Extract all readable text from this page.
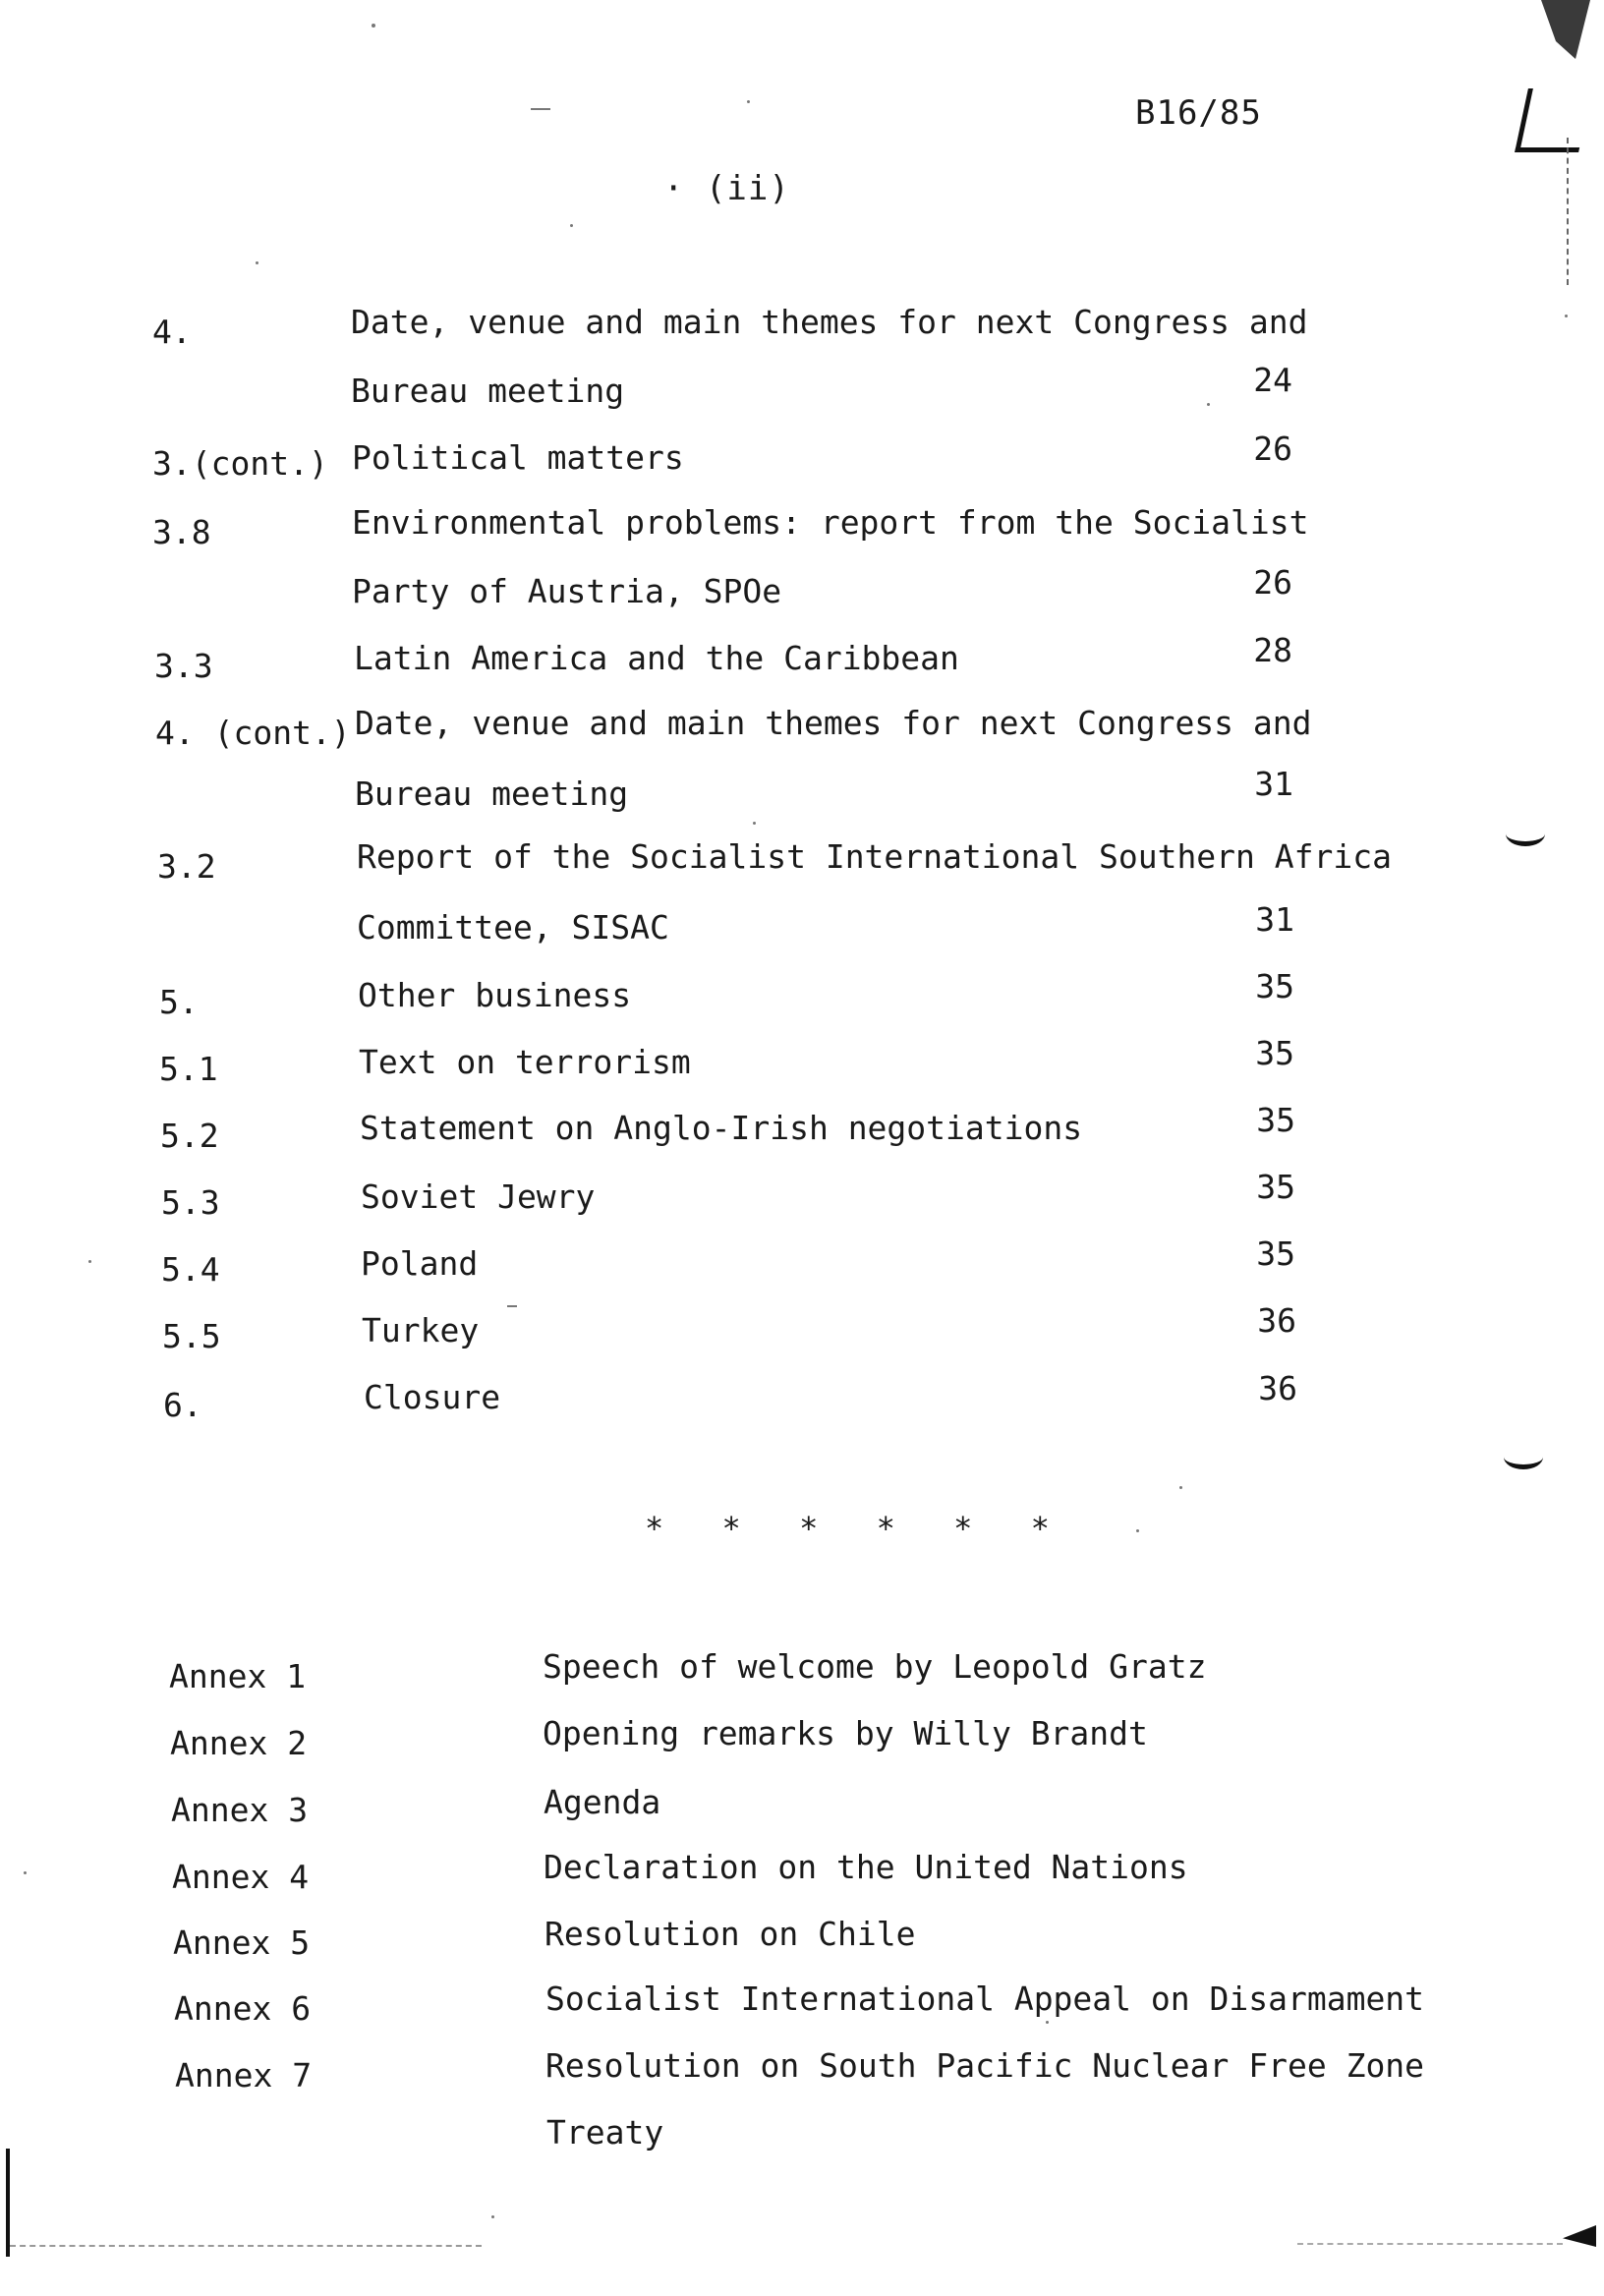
B16/85
· (ii)
4.	Date, venue and main themes for next Congress and
Bureau meeting	24
3.(cont.) Political matters	26
3.8	Environmental problems: report from the Socialist
Party of Austria, SPOe	26
3.3	Latin America and the Caribbean	28
4. (cont.) Date, venue and main themes for next Congress and
Bureau meeting	31
3.2	Report of the Socialist International Southern Africa
Committee, SISAC	31
5.	Other business	35
5.1	Text on terrorism	35
5.2	Statement on Anglo-Irish negotiations	35
5.3	Soviet Jewry	35
5.4	Poland	35
5.5	Turkey	36
6.	Closure	36
* * * * * *
Annex 1	Speech of welcome by Leopold Gratz
Annex 2	Opening remarks by Willy Brandt
Annex 3	Agenda
Annex 4	Declaration on the United Nations
Annex 5	Resolution on Chile
Annex 6	Socialist International Appeal on Disarmament
Annex 7	Resolution on South Pacific Nuclear Free Zone
Treaty
